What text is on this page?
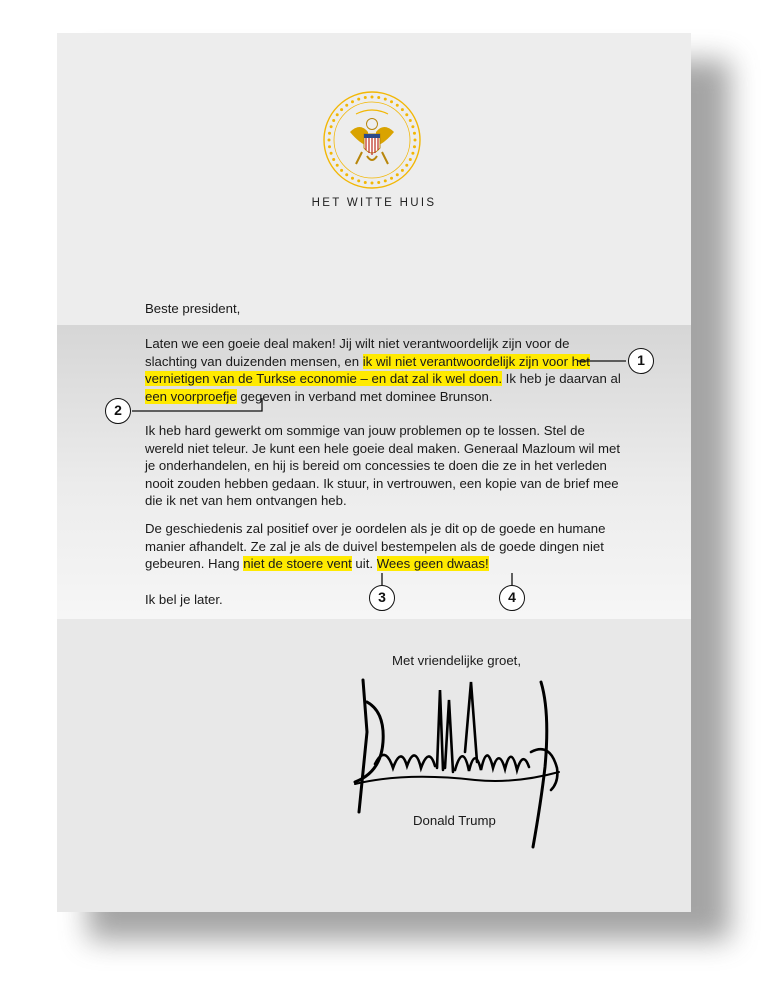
HET WITTE HUIS
Beste president,
Laten we een goeie deal maken! Jij wilt niet verantwoordelijk zijn voor de slachting van duizenden mensen, en ik wil niet verantwoordelijk zijn voor het vernietigen van de Turkse economie – en dat zal ik wel doen. Ik heb je daarvan al een voorproefje gegeven in verband met dominee Brunson.
Ik heb hard gewerkt om sommige van jouw problemen op te lossen. Stel de wereld niet teleur. Je kunt een hele goeie deal maken. Generaal Mazloum wil met je onderhandelen, en hij is bereid om concessies te doen die ze in het verleden nooit zouden hebben gedaan. Ik stuur, in vertrouwen, een kopie van de brief mee die ik net van hem ontvangen heb.
De geschiedenis zal positief over je oordelen als je dit op de goede en humane manier afhandelt. Ze zal je als de duivel bestempelen als de goede dingen niet gebeuren. Hang niet de stoere vent uit. Wees geen dwaas!
Ik bel je later.
Met vriendelijke groet,
Donald Trump
1
2
3	4
